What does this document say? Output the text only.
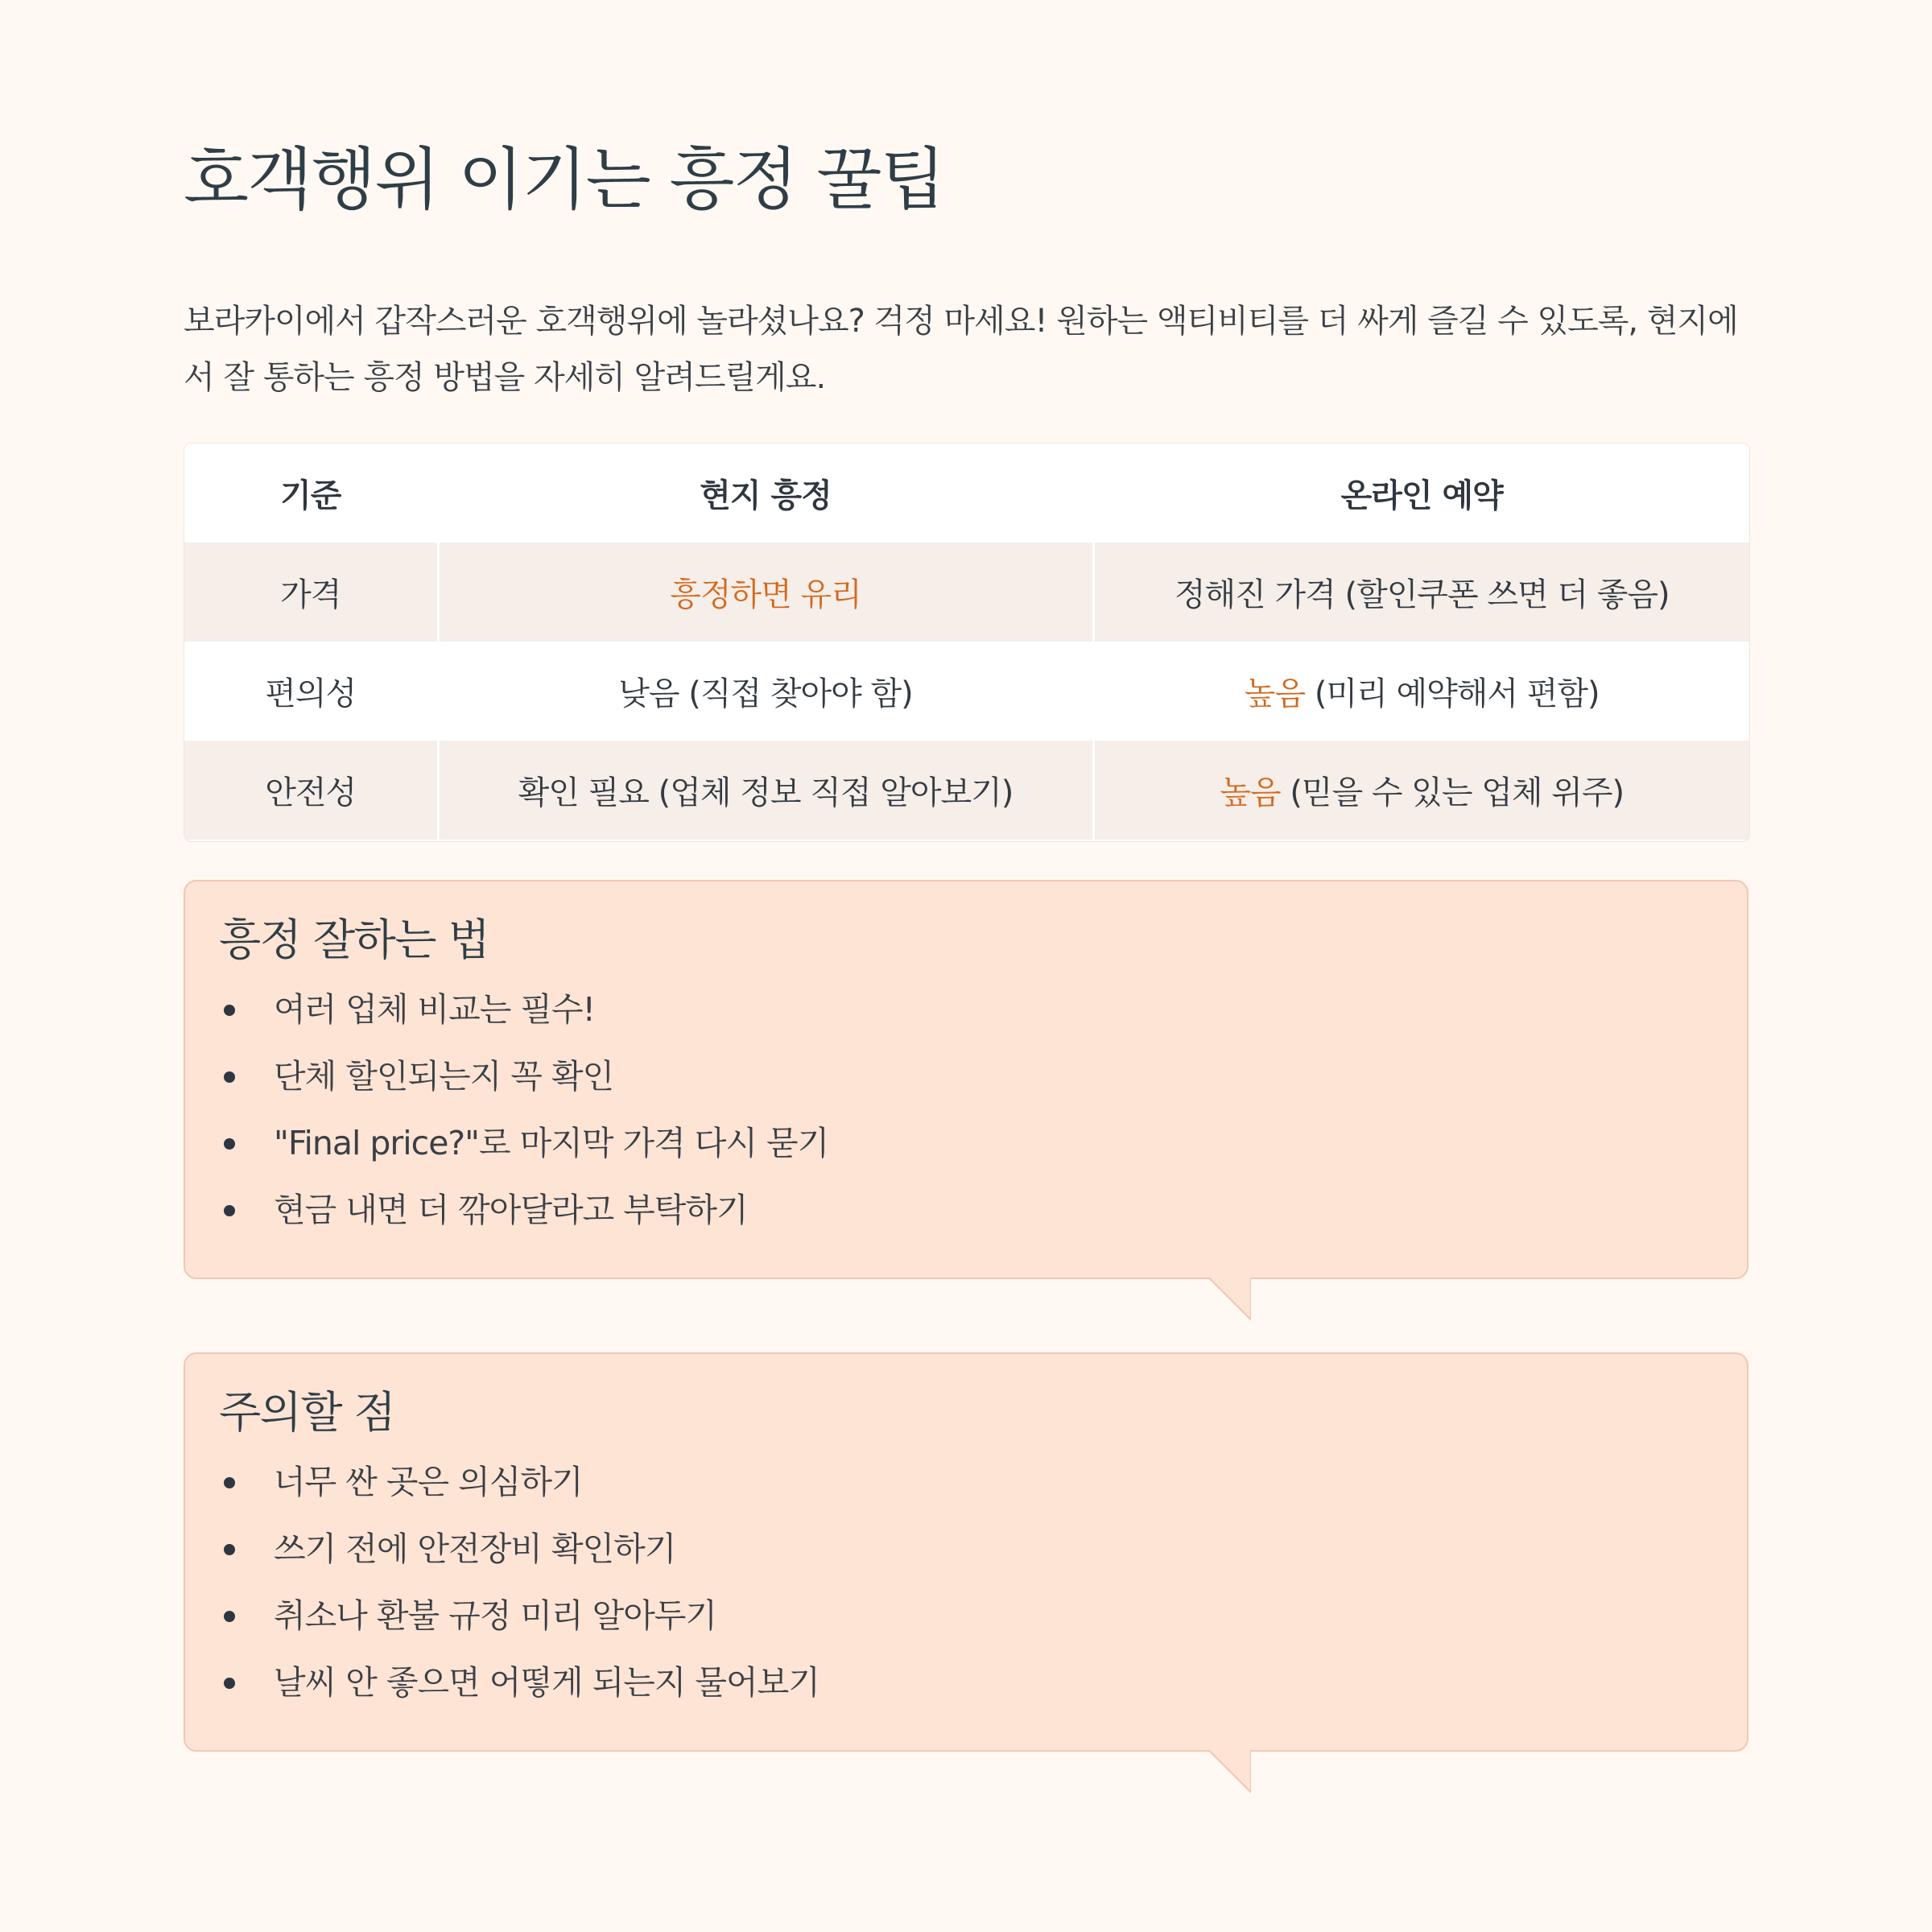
호객행위 이기는 흥정 꿀팁

보라카이에서 갑작스러운 호객행위에 놀라셨나요? 걱정 마세요! 원하는 액티비티를 더 싸게 즐길 수 있도록, 현지에서 잘 통하는 흥정 방법을 자세히 알려드릴게요.

기준	현지 흥정	온라인 예약
가격	흥정하면 유리	정해진 가격 (할인쿠폰 쓰면 더 좋음)
편의성	낮음 (직접 찾아야 함)	높음 (미리 예약해서 편함)
안전성	확인 필요 (업체 정보 직접 알아보기)	높음 (믿을 수 있는 업체 위주)
흥정 잘하는 법
여러 업체 비교는 필수!
단체 할인되는지 꼭 확인
"Final price?"로 마지막 가격 다시 묻기
현금 내면 더 깎아달라고 부탁하기
주의할 점
너무 싼 곳은 의심하기
쓰기 전에 안전장비 확인하기
취소나 환불 규정 미리 알아두기
날씨 안 좋으면 어떻게 되는지 물어보기
